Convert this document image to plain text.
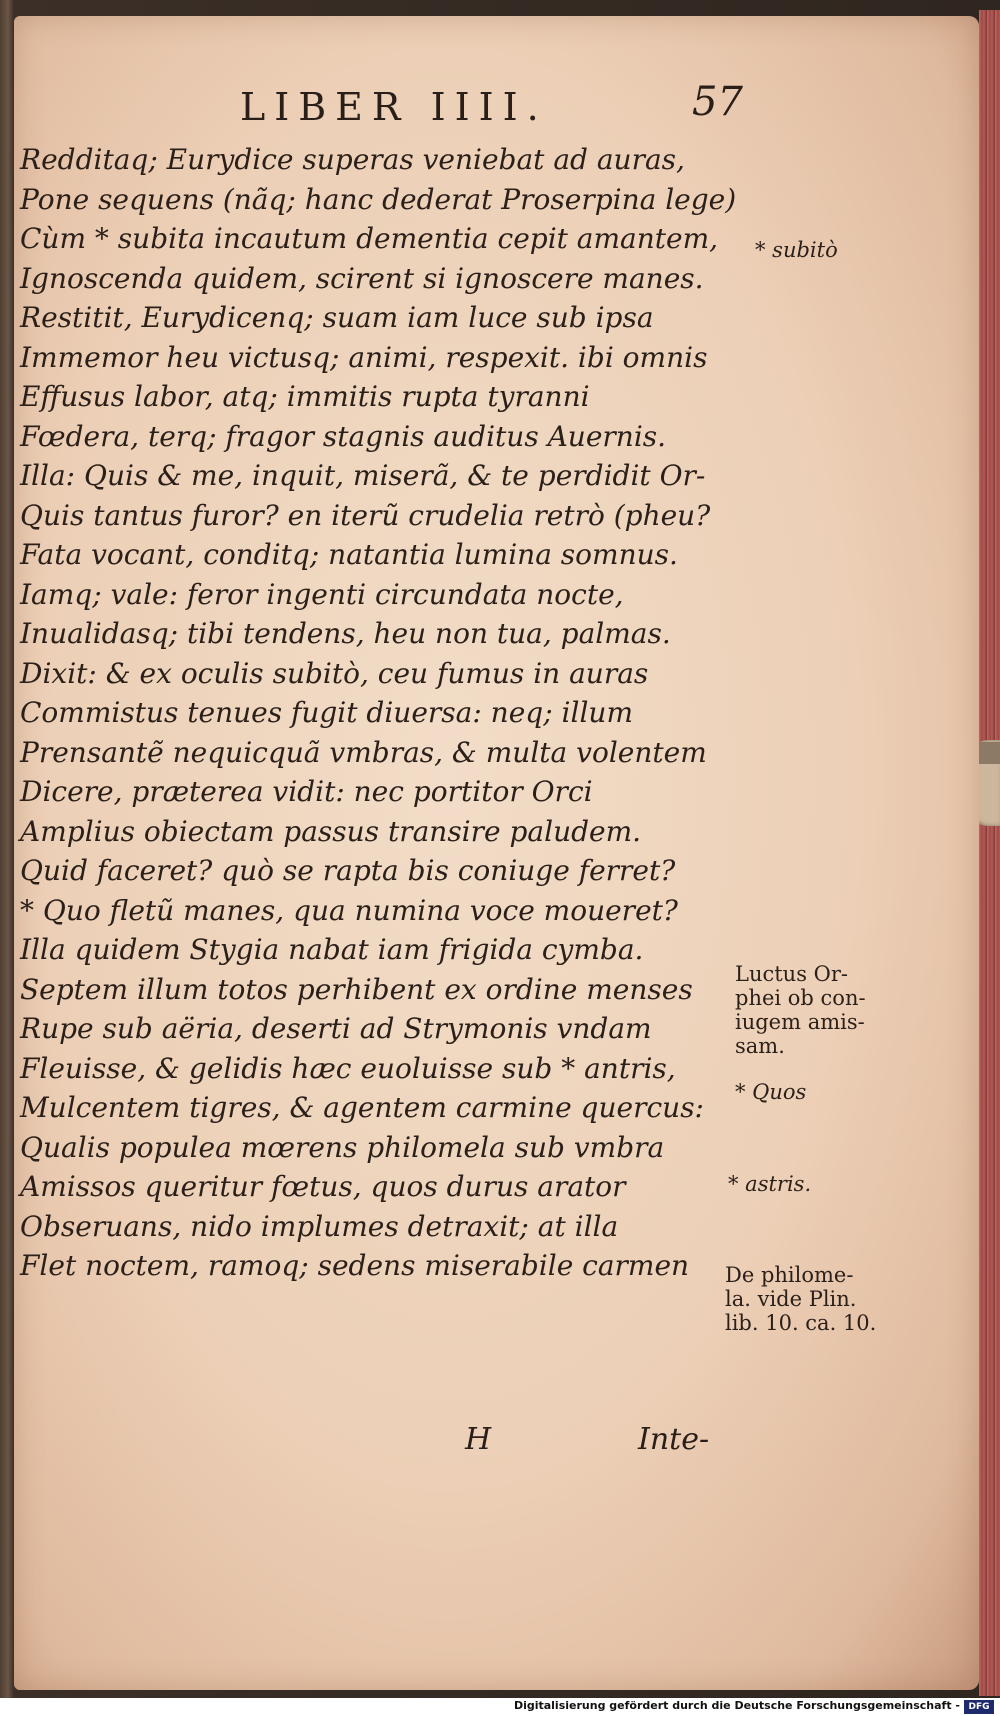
LIBER IIII.	57
Redditaq; Eurydice superas veniebat ad auras,
Pone sequens (nãq; hanc dederat Proserpina lege)
Cùm * subita incautum dementia cepit amantem,
Ignoscenda quidem, scirent si ignoscere manes.
Restitit, Eurydicenq; suam iam luce sub ipsa
Immemor heu victusq; animi, respexit. ibi omnis
Effusus labor, atq; immitis rupta tyranni
Fœdera, terq; fragor stagnis auditus Auernis.
Illa: Quis & me, inquit, miserã, & te perdidit Or-
Quis tantus furor? en iterũ crudelia retrò (pheu?
Fata vocant, conditq; natantia lumina somnus.
Iamq; vale: feror ingenti circundata nocte,
Inualidasq; tibi tendens, heu non tua, palmas.
Dixit: & ex oculis subitò, ceu fumus in auras
Commistus tenues fugit diuersa: neq; illum
Prensantẽ nequicquã vmbras, & multa volentem
Dicere, præterea vidit: nec portitor Orci
Amplius obiectam passus transire paludem.
Quid faceret? quò se rapta bis coniuge ferret?
* Quo fletũ manes, qua numina voce moueret?
Illa quidem Stygia nabat iam frigida cymba.
Septem illum totos perhibent ex ordine menses
Rupe sub aëria, deserti ad Strymonis vndam
Fleuisse, & gelidis hæc euoluisse sub * antris,
Mulcentem tigres, & agentem carmine quercus:
Qualis populea mœrens philomela sub vmbra
Amissos queritur fœtus, quos durus arator
Obseruans, nido implumes detraxit; at illa
Flet noctem, ramoq; sedens miserabile carmen
* subitò
Luctus Or-
phei ob con-
iugem amis-
sam.
* Quos
* astris.
De philome-
la. vide Plin.
lib. 10. ca. 10.
H	Inte-
Digitalisierung gefördert durch die Deutsche Forschungsgemeinschaft - DFG
